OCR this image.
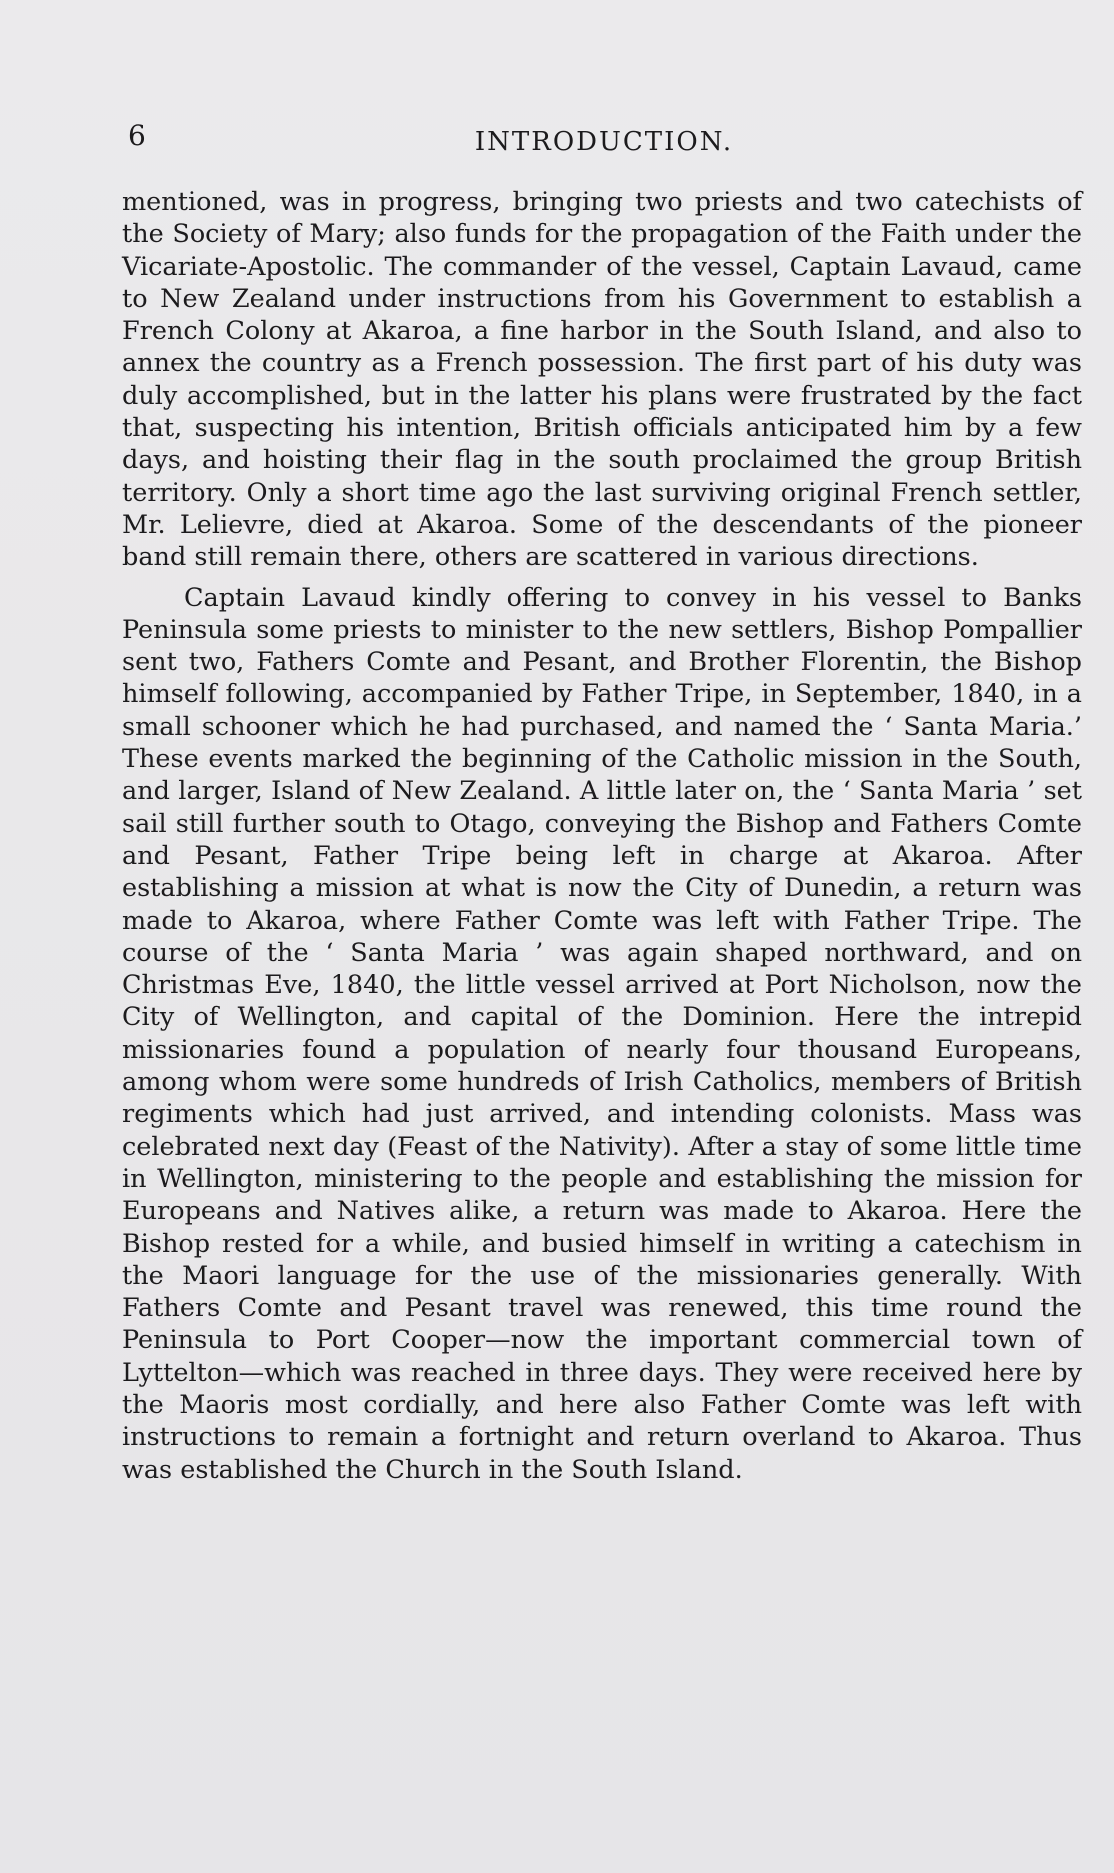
6	INTRODUCTION.

mentioned, was in progress, bringing two priests and two catechists of the Society of Mary; also funds for the propagation of the Faith under the Vicariate-Apostolic. The commander of the vessel, Captain Lavaud, came to New Zealand under instructions from his Government to establish a French Colony at Akaroa, a fine harbor in the South Island, and also to annex the country as a French possession. The first part of his duty was duly accomplished, but in the latter his plans were frustrated by the fact that, suspecting his intention, British officials anticipated him by a few days, and hoisting their flag in the south proclaimed the group British territory. Only a short time ago the last surviving original French settler, Mr. Lelievre, died at Akaroa. Some of the descendants of the pioneer band still remain there, others are scattered in various directions.

Captain Lavaud kindly offering to convey in his vessel to Banks Peninsula some priests to minister to the new settlers, Bishop Pompallier sent two, Fathers Comte and Pesant, and Brother Florentin, the Bishop himself following, accompanied by Father Tripe, in September, 1840, in a small schooner which he had purchased, and named the ‘ Santa Maria.’ These events marked the beginning of the Catholic mission in the South, and larger, Island of New Zealand. A little later on, the ‘ Santa Maria ’ set sail still further south to Otago, conveying the Bishop and Fathers Comte and Pesant, Father Tripe being left in charge at Akaroa. After establishing a mission at what is now the City of Dunedin, a return was made to Akaroa, where Father Comte was left with Father Tripe. The course of the ‘ Santa Maria ’ was again shaped northward, and on Christmas Eve, 1840, the little vessel arrived at Port Nicholson, now the City of Wellington, and capital of the Dominion. Here the intrepid missionaries found a population of nearly four thousand Europeans, among whom were some hundreds of Irish Catholics, members of British regiments which had just arrived, and intending colonists. Mass was celebrated next day (Feast of the Nativity). After a stay of some little time in Wellington, ministering to the people and establishing the mission for Europeans and Natives alike, a return was made to Akaroa. Here the Bishop rested for a while, and busied himself in writing a catechism in the Maori language for the use of the missionaries generally. With Fathers Comte and Pesant travel was renewed, this time round the Peninsula to Port Cooper—now the important commercial town of Lyttelton—which was reached in three days. They were received here by the Maoris most cordially, and here also Father Comte was left with instructions to remain a fortnight and return overland to Akaroa. Thus was established the Church in the South Island.
